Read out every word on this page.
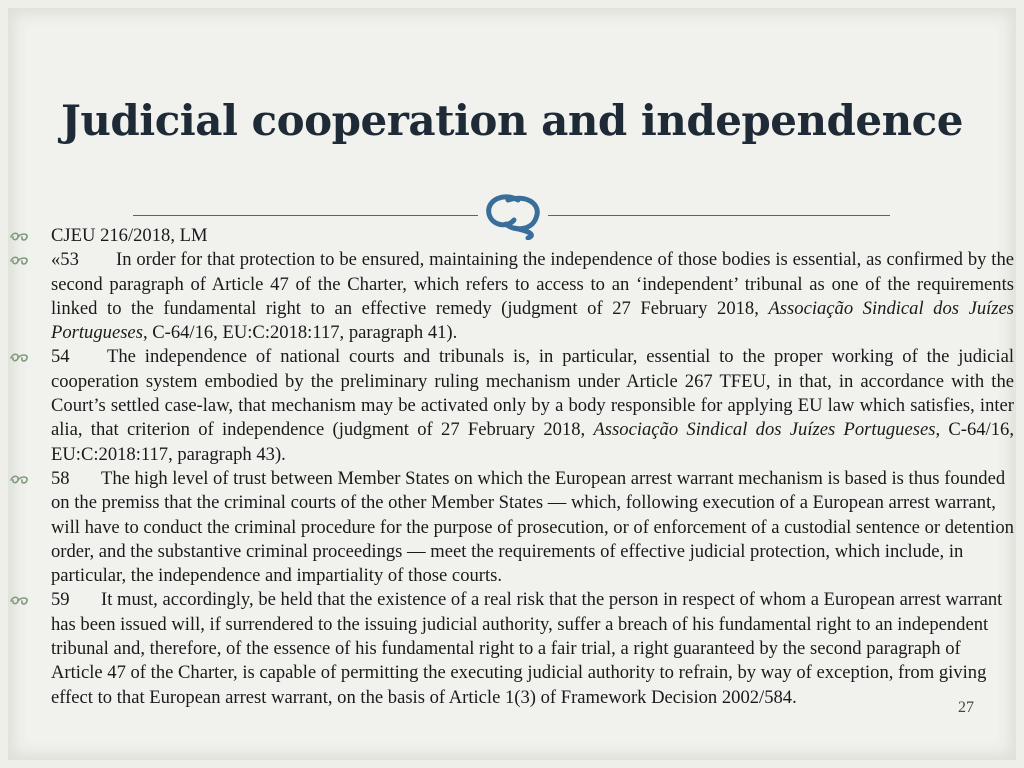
Judicial cooperation and independence

CJEU 216/2018, LM

«53 In order for that protection to be ensured, maintaining the independence of those bodies is essential, as confirmed by the second paragraph of Article 47 of the Charter, which refers to access to an ‘independent’ tribunal as one of the requirements linked to the fundamental right to an effective remedy (judgment of 27 February 2018, Associação Sindical dos Juízes Portugueses, C‑64/16, EU:C:2018:117, paragraph 41).

54 The independence of national courts and tribunals is, in particular, essential to the proper working of the judicial cooperation system embodied by the preliminary ruling mechanism under Article 267 TFEU, in that, in accordance with the Court’s settled case-law, that mechanism may be activated only by a body responsible for applying EU law which satisfies, inter alia, that criterion of independence (judgment of 27 February 2018, Associação Sindical dos Juízes Portugueses, C‑64/16, EU:C:2018:117, paragraph 43).

58 The high level of trust between Member States on which the European arrest warrant mechanism is based is thus founded on the premiss that the criminal courts of the other Member States — which, following execution of a European arrest warrant, will have to conduct the criminal procedure for the purpose of prosecution, or of enforcement of a custodial sentence or detention order, and the substantive criminal proceedings — meet the requirements of effective judicial protection, which include, in particular, the independence and impartiality of those courts.

59 It must, accordingly, be held that the existence of a real risk that the person in respect of whom a European arrest warrant has been issued will, if surrendered to the issuing judicial authority, suffer a breach of his fundamental right to an independent tribunal and, therefore, of the essence of his fundamental right to a fair trial, a right guaranteed by the second paragraph of Article 47 of the Charter, is capable of permitting the executing judicial authority to refrain, by way of exception, from giving effect to that European arrest warrant, on the basis of Article 1(3) of Framework Decision 2002/584.	27
